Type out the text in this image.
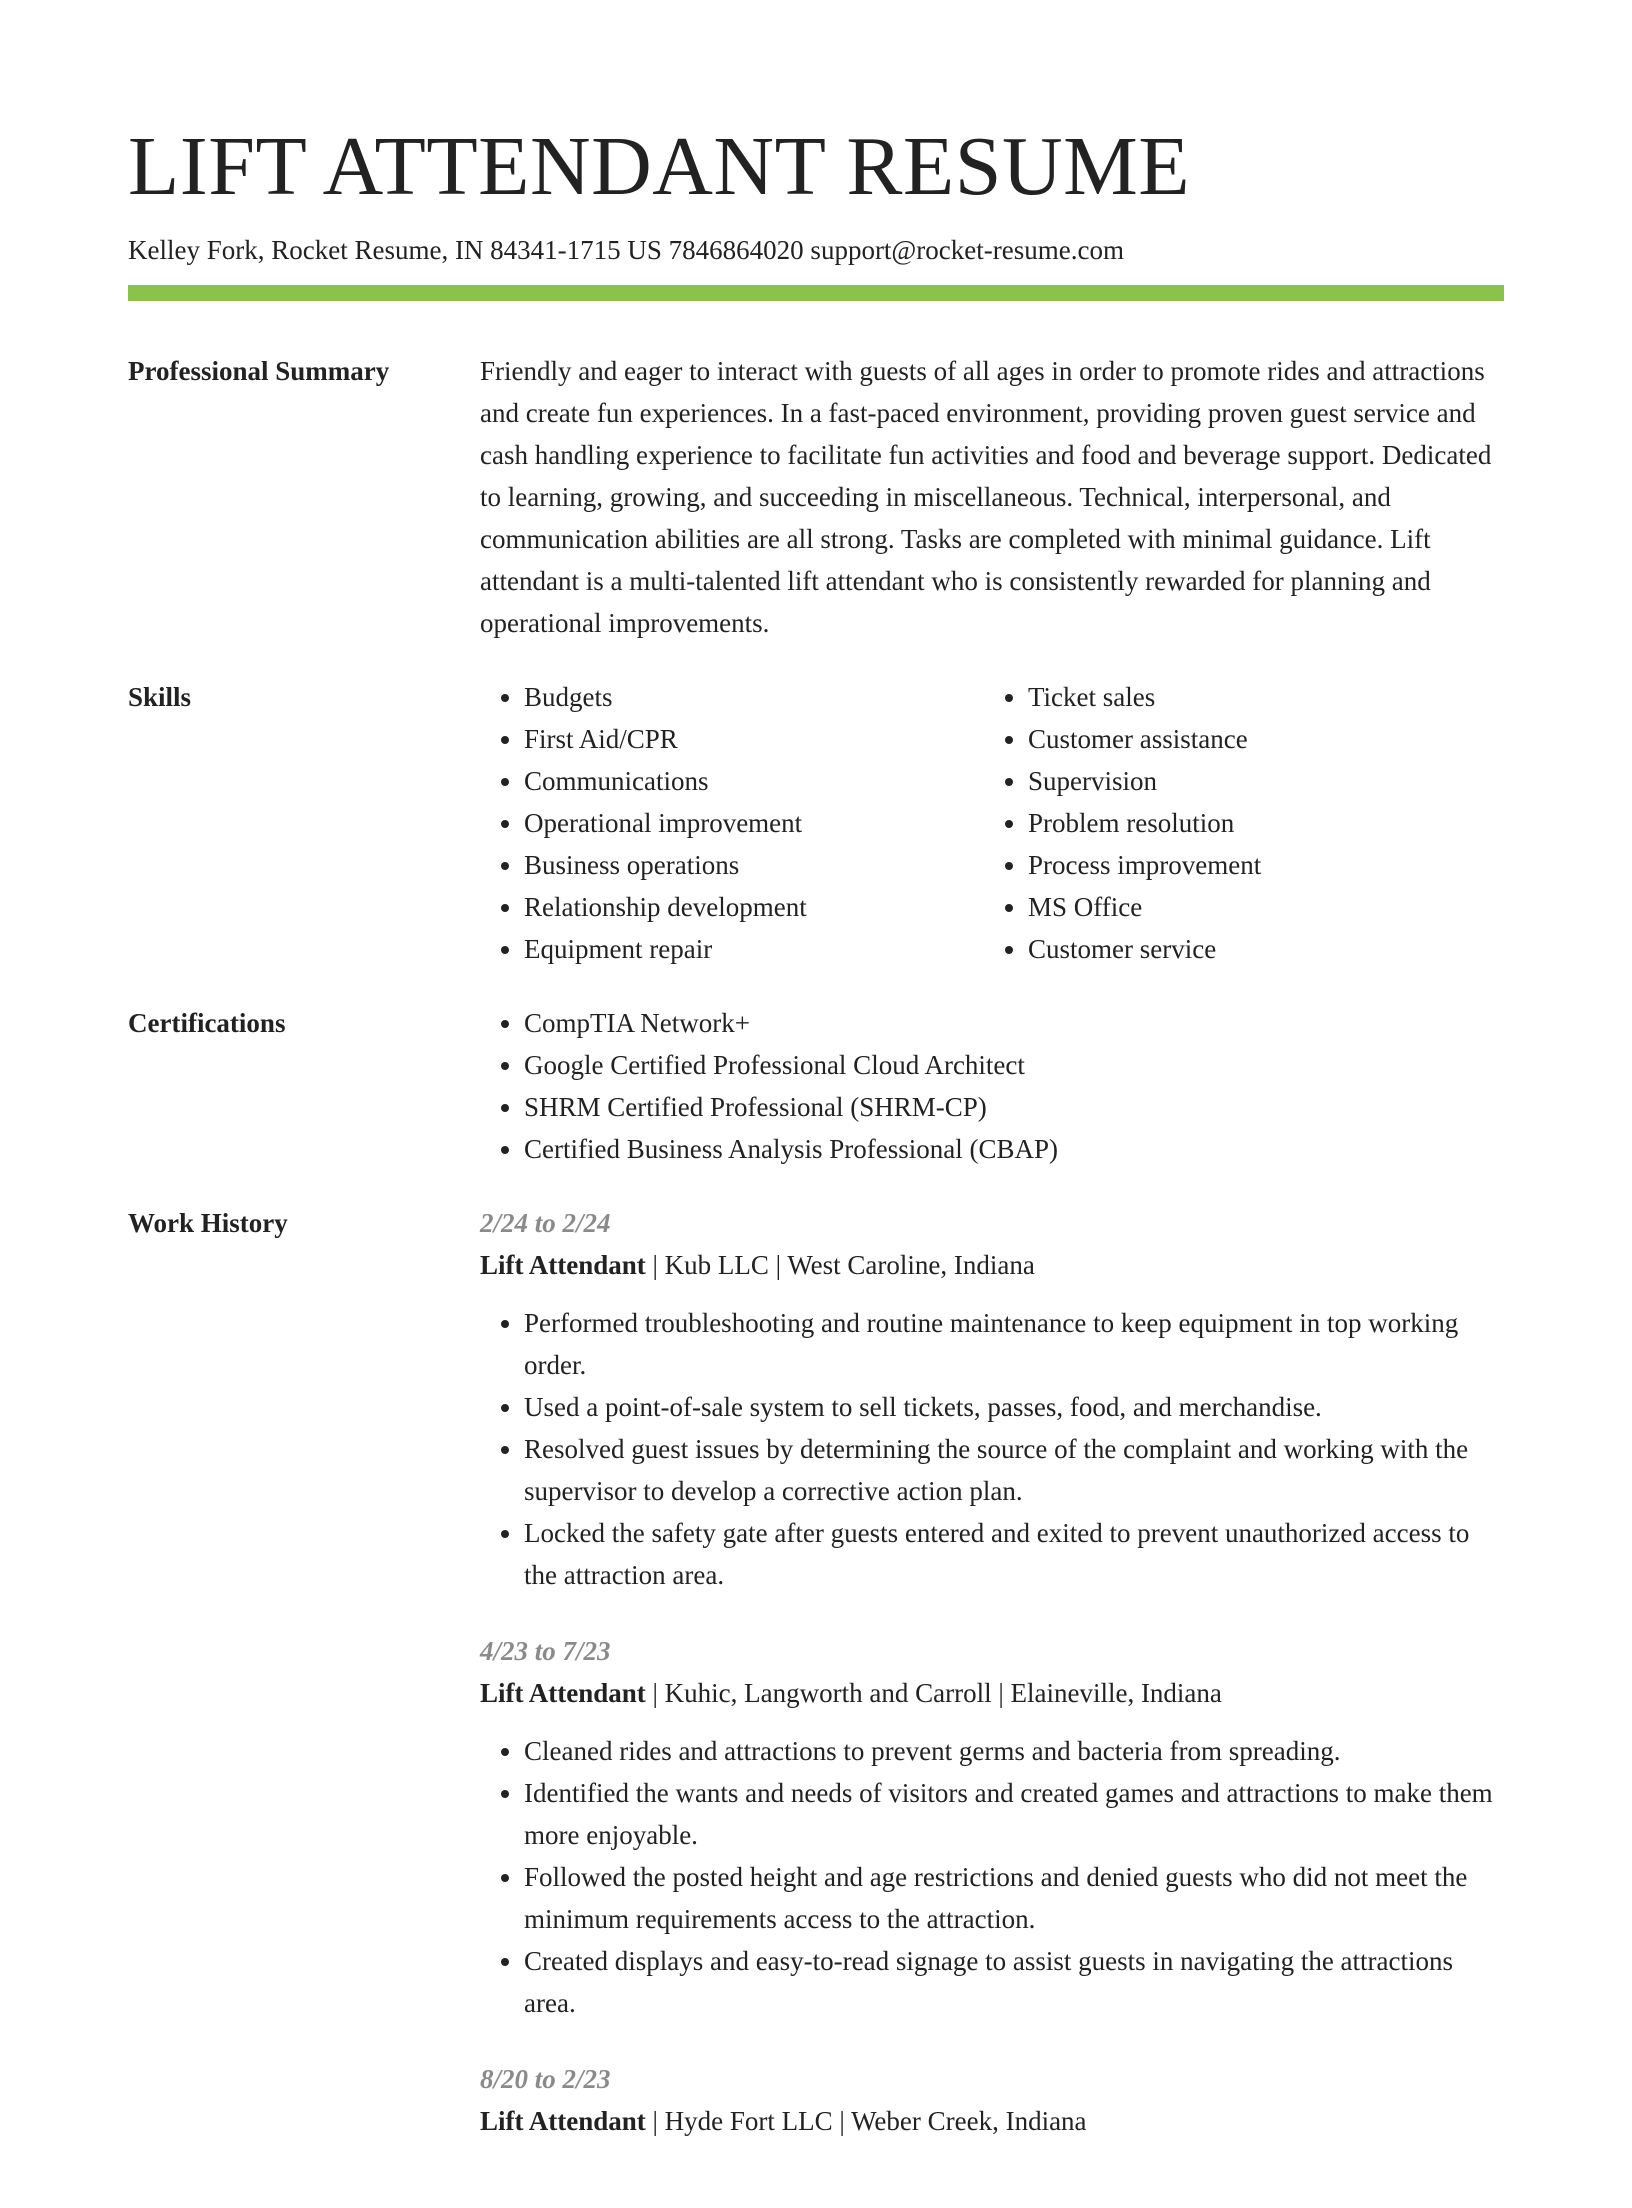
LIFT ATTENDANT RESUME
Kelley Fork, Rocket Resume, IN 84341-1715 US 7846864020 support@rocket-resume.com
Professional Summary	Friendly and eager to interact with guests of all ages in order to promote rides and attractions and create fun experiences. In a fast-paced environment, providing proven guest service and cash handling experience to facilitate fun activities and food and beverage support. Dedicated to learning, growing, and succeeding in miscellaneous. Technical, interpersonal, and communication abilities are all strong. Tasks are completed with minimal guidance. Lift attendant is a multi-talented lift attendant who is consistently rewarded for planning and operational improvements.

Skills	• Budgets
• First Aid/CPR
• Communications
• Operational improvement
• Business operations
• Relationship development
• Equipment repair
• Ticket sales
• Customer assistance
• Supervision
• Problem resolution
• Process improvement
• MS Office
• Customer service
Certifications	• CompTIA Network+
• Google Certified Professional Cloud Architect
• SHRM Certified Professional (SHRM-CP)
• Certified Business Analysis Professional (CBAP)
Work History	2/24 to 2/24
Lift Attendant | Kub LLC | West Caroline, Indiana
• Performed troubleshooting and routine maintenance to keep equipment in top working order.
• Used a point-of-sale system to sell tickets, passes, food, and merchandise.
• Resolved guest issues by determining the source of the complaint and working with the supervisor to develop a corrective action plan.
• Locked the safety gate after guests entered and exited to prevent unauthorized access to the attraction area.
4/23 to 7/23
Lift Attendant | Kuhic, Langworth and Carroll | Elaineville, Indiana
• Cleaned rides and attractions to prevent germs and bacteria from spreading.
• Identified the wants and needs of visitors and created games and attractions to make them more enjoyable.
• Followed the posted height and age restrictions and denied guests who did not meet the minimum requirements access to the attraction.
• Created displays and easy-to-read signage to assist guests in navigating the attractions area.
8/20 to 2/23
Lift Attendant | Hyde Fort LLC | Weber Creek, Indiana
